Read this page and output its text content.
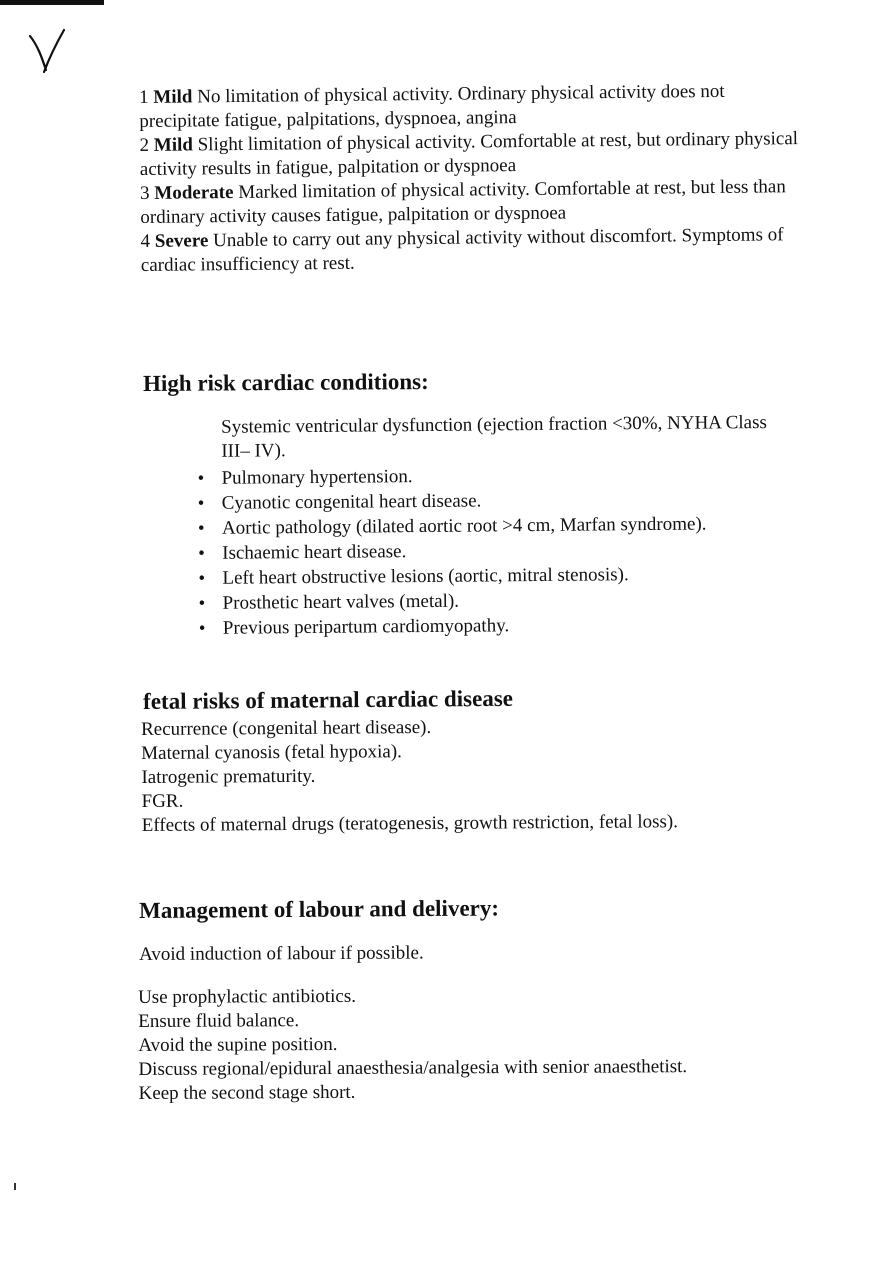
1 Mild No limitation of physical activity. Ordinary physical activity does not precipitate fatigue, palpitations, dyspnoea, angina

2 Mild Slight limitation of physical activity. Comfortable at rest, but ordinary physical activity results in fatigue, palpitation or dyspnoea

3 Moderate Marked limitation of physical activity. Comfortable at rest, but less than ordinary activity causes fatigue, palpitation or dyspnoea

4 Severe Unable to carry out any physical activity without discomfort. Symptoms of cardiac insufficiency at rest.

High risk cardiac conditions:

Systemic ventricular dysfunction (ejection fraction <30%, NYHA Class III– IV).

• Pulmonary hypertension.
• Cyanotic congenital heart disease.
• Aortic pathology (dilated aortic root >4 cm, Marfan syndrome).
• Ischaemic heart disease.
• Left heart obstructive lesions (aortic, mitral stenosis).
• Prosthetic heart valves (metal).
• Previous peripartum cardiomyopathy.
fetal risks of maternal cardiac disease

Recurrence (congenital heart disease).

Maternal cyanosis (fetal hypoxia).

Iatrogenic prematurity.

FGR.

Effects of maternal drugs (teratogenesis, growth restriction, fetal loss).

Management of labour and delivery:

Avoid induction of labour if possible.

Use prophylactic antibiotics.

Ensure fluid balance.

Avoid the supine position.

Discuss regional/epidural anaesthesia/analgesia with senior anaesthetist.

Keep the second stage short.
